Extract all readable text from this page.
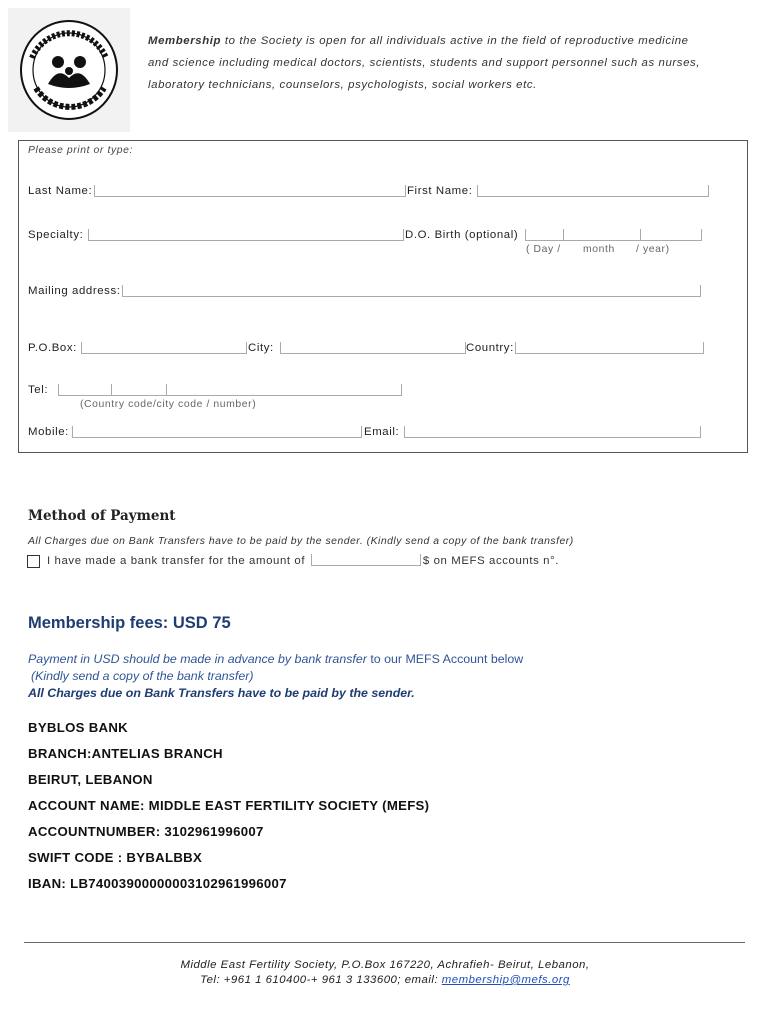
Membership to the Society is open for all individuals active in the field of reproductive medicine
and science including medical doctors, scientists, students and support personnel such as nurses,
laboratory technicians, counselors, psychologists, social workers etc.
Please print or type:
Last Name:	First Name:
Specialty:	D.O. Birth (optional)
( Day / month / year)
Mailing address:
P.O.Box:	City:	Country:
Tel:
(Country code/city code / number)
Mobile:	Email:
Method of Payment
All Charges due on Bank Transfers have to be paid by the sender. (Kindly send a copy of the bank transfer)
I have made a bank transfer for the amount of	$ on MEFS accounts n°.
Membership fees: USD 75
Payment in USD should be made in advance by bank transfer to our MEFS Account below
(Kindly send a copy of the bank transfer)
All Charges due on Bank Transfers have to be paid by the sender.
BYBLOS BANK
BRANCH:ANTELIAS BRANCH
BEIRUT, LEBANON
ACCOUNT NAME: MIDDLE EAST FERTILITY SOCIETY (MEFS)
ACCOUNTNUMBER: 3102961996007
SWIFT CODE : BYBALBBX
IBAN: LB74003900000003102961996007
Middle East Fertility Society, P.O.Box 167220, Achrafieh- Beirut, Lebanon,
Tel: +961 1 610400-+ 961 3 133600; email: membership@mefs.org
